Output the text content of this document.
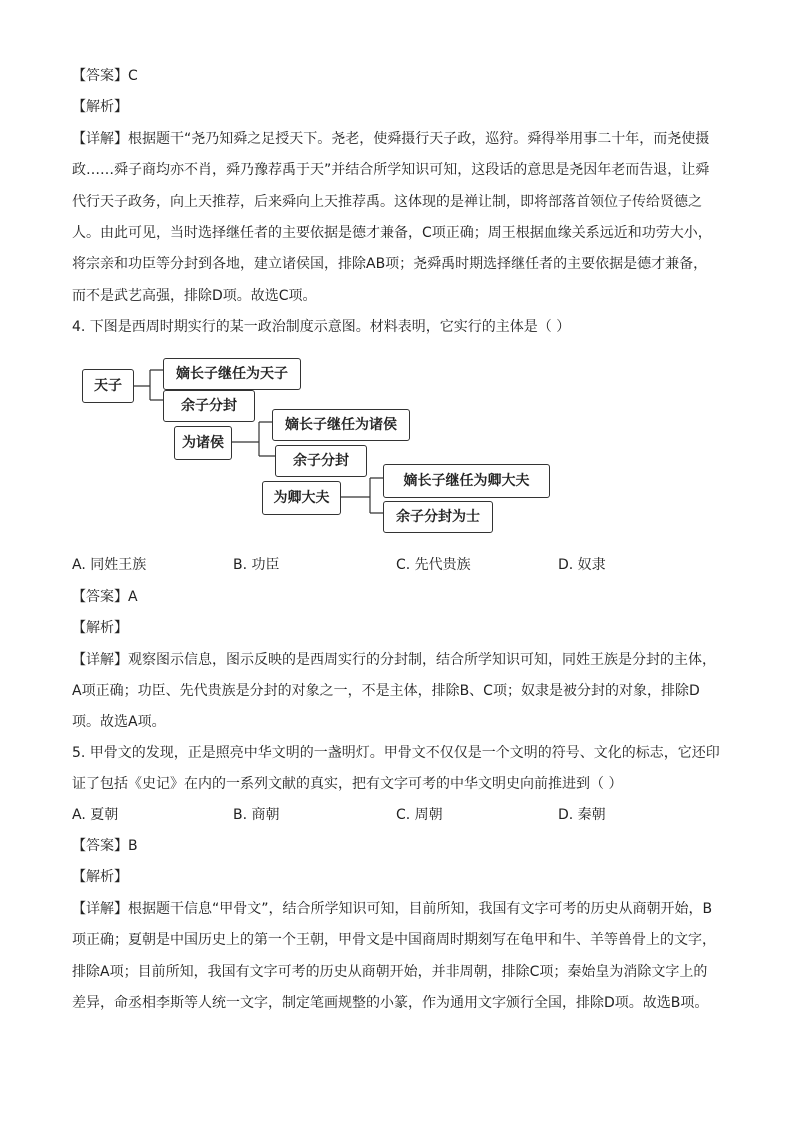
【答案】C
【解析】
【详解】根据题干“尧乃知舜之足授天下。尧老，使舜摄行天子政，巡狩。舜得举用事二十年，而尧使摄
政……舜子商均亦不肖，舜乃豫荐禹于天”并结合所学知识可知，这段话的意思是尧因年老而告退，让舜
代行天子政务，向上天推荐，后来舜向上天推荐禹。这体现的是禅让制，即将部落首领位子传给贤德之
人。由此可见，当时选择继任者的主要依据是德才兼备，C项正确；周王根据血缘关系远近和功劳大小，
将宗亲和功臣等分封到各地，建立诸侯国，排除AB项；尧舜禹时期选择继任者的主要依据是德才兼备，
而不是武艺高强，排除D项。故选C项。
4. 下图是西周时期实行的某一政治制度示意图。材料表明，它实行的主体是（ ）
天子
嫡长子继任为天子
余子分封
为诸侯
嫡长子继任为诸侯
余子分封
为卿大夫
嫡长子继任为卿大夫
余子分封为士
A. 同姓王族	B. 功臣	C. 先代贵族	D. 奴隶
【答案】A
【解析】
【详解】观察图示信息，图示反映的是西周实行的分封制，结合所学知识可知，同姓王族是分封的主体，
A项正确；功臣、先代贵族是分封的对象之一，不是主体，排除B、C项；奴隶是被分封的对象，排除D
项。故选A项。
5. 甲骨文的发现，正是照亮中华文明的一盏明灯。甲骨文不仅仅是一个文明的符号、文化的标志，它还印
证了包括《史记》在内的一系列文献的真实，把有文字可考的中华文明史向前推进到（ ）
A. 夏朝	B. 商朝	C. 周朝	D. 秦朝
【答案】B
【解析】
【详解】根据题干信息“甲骨文”，结合所学知识可知，目前所知，我国有文字可考的历史从商朝开始，B
项正确；夏朝是中国历史上的第一个王朝，甲骨文是中国商周时期刻写在龟甲和牛、羊等兽骨上的文字，
排除A项；目前所知，我国有文字可考的历史从商朝开始，并非周朝，排除C项；秦始皇为消除文字上的
差异，命丞相李斯等人统一文字，制定笔画规整的小篆，作为通用文字颁行全国，排除D项。故选B项。
